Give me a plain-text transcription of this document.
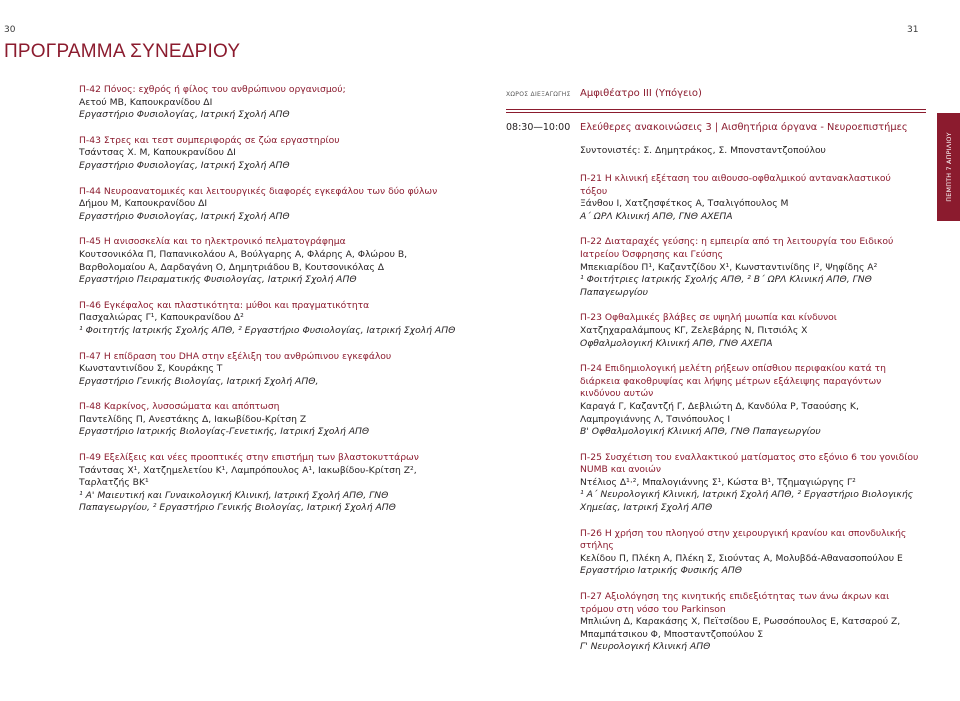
30	31
ΠΡΟΓΡΑΜΜΑ ΣΥΝΕΔΡΙΟΥ
Π-42 Πόνος: εχθρός ή φίλος του ανθρώπινου οργανισμού;
Αετού ΜΒ, Καπουκρανίδου ΔΙ
Εργαστήριο Φυσιολογίας, Ιατρική Σχολή ΑΠΘ
Π-43 Στρες και τεστ συμπεριφοράς σε ζώα εργαστηρίου
Τσάντσας Χ. Μ, Καπουκρανίδου ΔΙ
Εργαστήριο Φυσιολογίας, Ιατρική Σχολή ΑΠΘ
Π-44 Νευροανατομικές και λειτουργικές διαφορές εγκεφάλου των δύο φύλων
Δήμου Μ, Καπουκρανίδου ΔΙ
Εργαστήριο Φυσιολογίας, Ιατρική Σχολή ΑΠΘ
Π-45 Η ανισοσκελία και το ηλεκτρονικό πελματογράφημα
Κουτσονικόλα Π, Παπανικολάου Α, Βούλγαρης Α, Φλάρης Α, Φλώρου Β, Βαρθολομαίου Α, Δαρδαγάνη Ο, Δημητριάδου Β, Κουτσονικόλας Δ
Εργαστήριο Πειραματικής Φυσιολογίας, Ιατρική Σχολή ΑΠΘ
Π-46 Εγκέφαλος και πλαστικότητα: μύθοι και πραγματικότητα
Πασχαλιώρας Γ¹, Καπουκρανίδου Δ²
¹ Φοιτητής Ιατρικής Σχολής ΑΠΘ, ² Εργαστήριο Φυσιολογίας, Ιατρική Σχολή ΑΠΘ
Π-47 Η επίδραση του DHA στην εξέλιξη του ανθρώπινου εγκεφάλου
Κωνσταντινίδου Σ, Κουράκης Τ
Εργαστήριο Γενικής Βιολογίας, Ιατρική Σχολή ΑΠΘ,
Π-48 Καρκίνος, λυσοσώματα και απόπτωση
Παντελίδης Π, Ανεστάκης Δ, Ιακωβίδου-Κρίτση Ζ
Εργαστήριο Ιατρικής Βιολογίας-Γενετικής, Ιατρική Σχολή ΑΠΘ
Π-49 Εξελίξεις και νέες προοπτικές στην επιστήμη των βλαστοκυττάρων
Τσάντσας Χ¹, Χατζημελετίου Κ¹, Λαμπρόπουλος Α¹, Ιακωβίδου-Κρίτση Ζ², Ταρλατζής ΒΚ¹
¹ Α' Μαιευτική και Γυναικολογική Κλινική, Ιατρική Σχολή ΑΠΘ, ΓΝΘ Παπαγεωργίου, ² Εργαστήριο Γενικής Βιολογίας, Ιατρική Σχολή ΑΠΘ
ΧΩΡΟΣ ΔΙΕΞΑΓΩΓΗΣ Αμφιθέατρο ΙΙΙ (Υπόγειο)
08:30—10:00 Ελεύθερες ανακοινώσεις 3 | Αισθητήρια όργανα - Νευροεπιστήμες
Συντονιστές: Σ. Δημητράκος, Σ. Μπονσταντζοπούλου
Π-21 Η κλινική εξέταση του αιθουσο-οφθαλμικού αντανακλαστικού τόξου
Ξάνθου Ι, Χατζησφέτκος Α, Τσαλιγόπουλος Μ
Α΄ ΩΡΛ Κλινική ΑΠΘ, ΓΝΘ ΑΧΕΠΑ
Π-22 Διαταραχές γεύσης: η εμπειρία από τη λειτουργία του Ειδικού Ιατρείου Όσφρησης και Γεύσης
Μπεκιαρίδου Π¹, Καζαντζίδου Χ¹, Κωνσταντινίδης Ι², Ψηφίδης Α²
¹ Φοιτήτριες Ιατρικής Σχολής ΑΠΘ, ² Β΄ ΩΡΛ Κλινική ΑΠΘ, ΓΝΘ Παπαγεωργίου
Π-23 Οφθαλμικές βλάβες σε υψηλή μυωπία και κίνδυνοι
Χατζηχαραλάμπους ΚΓ, Ζελεβάρης Ν, Πιτσιόλς Χ
Οφθαλμολογική Κλινική ΑΠΘ, ΓΝΘ ΑΧΕΠΑ
Π-24 Επιδημιολογική μελέτη ρήξεων οπίσθιου περιφακίου κατά τη διάρκεια φακοθρυψίας και λήψης μέτρων εξάλειψης παραγόντων κινδύνου αυτών
Καραγά Γ, Καζαντζή Γ, Δεβλιώτη Δ, Κανδύλα Ρ, Τσαούσης Κ, Λαμπρογιάννης Λ, Τσινόπουλος Ι
Β' Οφθαλμολογική Κλινική ΑΠΘ, ΓΝΘ Παπαγεωργίου
Π-25 Συσχέτιση του εναλλακτικού ματίσματος στο εξόνιο 6 του γονιδίου NUMB και ανοιών
Ντέλιος Δ¹·², Μπαλογιάννης Σ¹, Κώστα Β¹, Τζημαγιώργης Γ²
¹ Α΄ Νευρολογική Κλινική, Ιατρική Σχολή ΑΠΘ, ² Εργαστήριο Βιολογικής Χημείας, Ιατρική Σχολή ΑΠΘ
Π-26 Η χρήση του πλοηγού στην χειρουργική κρανίου και σπονδυλικής στήλης
Κελίδου Π, Πλέκη Α, Πλέκη Σ, Σιούντας Α, Μολυβδά-Αθανασοπούλου Ε
Εργαστήριο Ιατρικής Φυσικής ΑΠΘ
Π-27 Αξιολόγηση της κινητικής επιδεξιότητας των άνω άκρων και τρόμου στη νόσο του Parkinson
Μπλιώνη Δ, Καρακάσης Χ, Πεϊτσίδου Ε, Ρωσσόπουλος Ε, Κατσαρού Ζ, Μπαμπάτσικου Φ, Μποσταντζοπούλου Σ
Γ' Νευρολογική Κλινική ΑΠΘ
ΠΕΜΠΤΗ 7 ΑΠΡΙΛΙΟΥ
